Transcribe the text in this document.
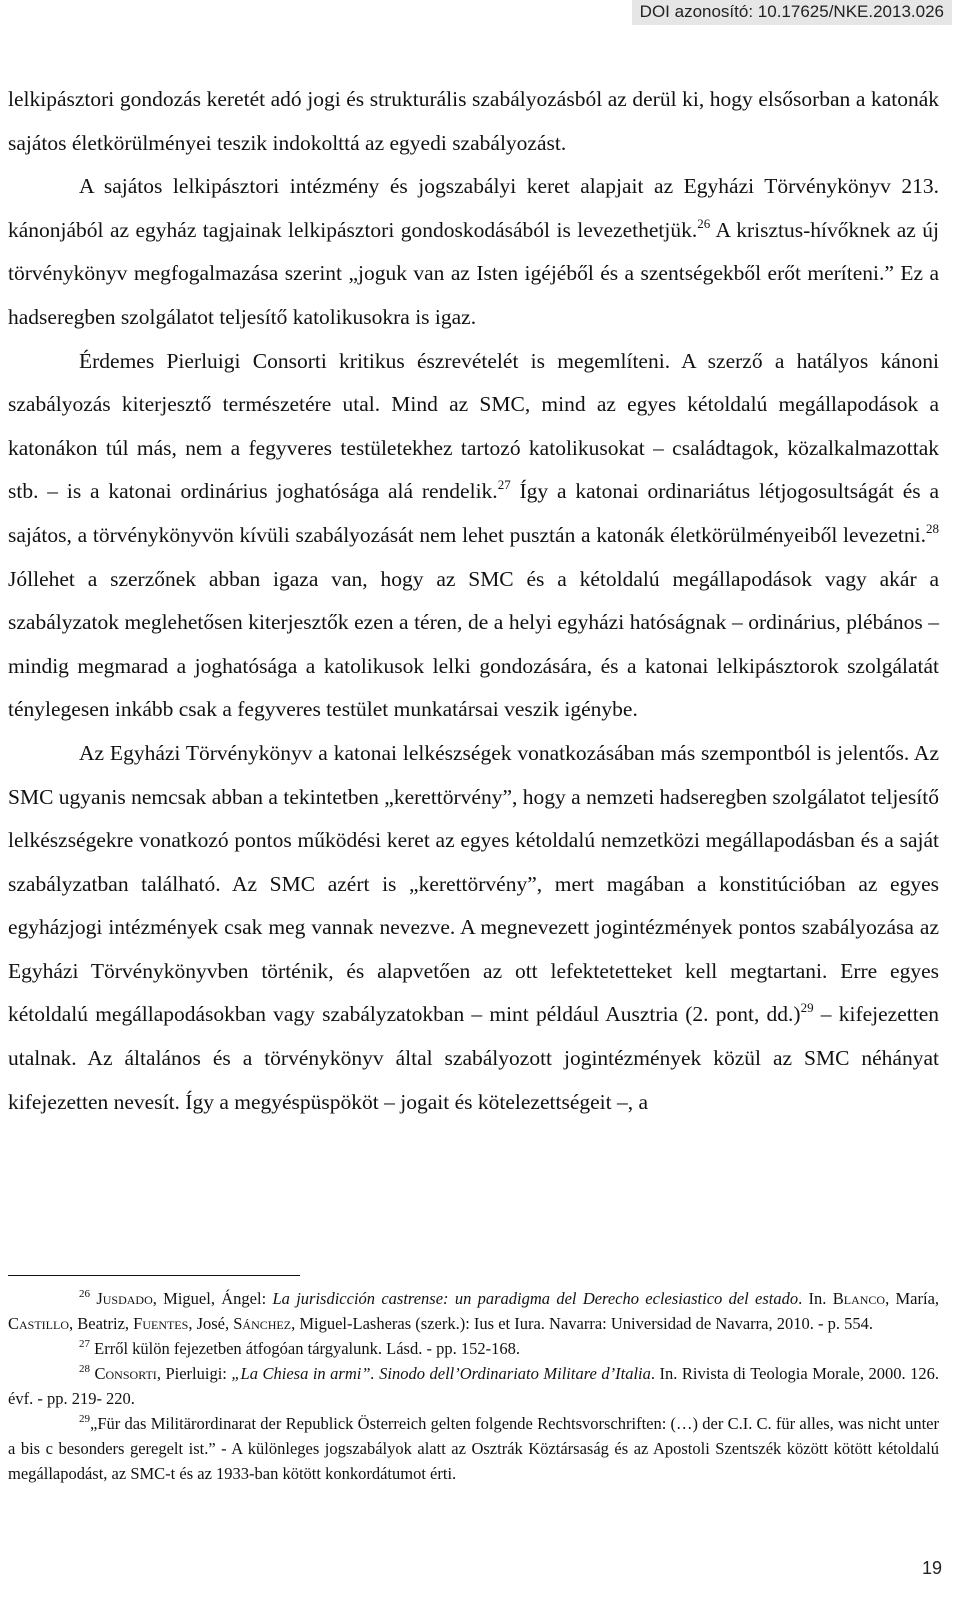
DOI azonosító: 10.17625/NKE.2013.026

lelkipásztori gondozás keretét adó jogi és strukturális szabályozásból az derül ki, hogy elsősorban a katonák sajátos életkörülményei teszik indokolttá az egyedi szabályozást.

A sajátos lelkipásztori intézmény és jogszabályi keret alapjait az Egyházi Törvénykönyv 213. kánonjából az egyház tagjainak lelkipásztori gondoskodásából is levezethetjük.$^{26}$ A krisztus-hívőknek az új törvénykönyv megfogalmazása szerint „joguk van az Isten igéjéből és a szentségekből erőt meríteni.” Ez a hadseregben szolgálatot teljesítő katolikusokra is igaz.

Érdemes Pierluigi Consorti kritikus észrevételét is megemlíteni. A szerző a hatályos kánoni szabályozás kiterjesztő természetére utal. Mind az SMC, mind az egyes kétoldalú megállapodások a katonákon túl más, nem a fegyveres testületekhez tartozó katolikusokat – családtagok, közalkalmazottak stb. – is a katonai ordinárius joghatósága alá rendelik.$^{27}$ Így a katonai ordinariátus létjogosultságát és a sajátos, a törvénykönyvön kívüli szabályozását nem lehet pusztán a katonák életkörülményeiből levezetni.$^{28}$ Jóllehet a szerzőnek abban igaza van, hogy az SMC és a kétoldalú megállapodások vagy akár a szabályzatok meglehetősen kiterjesztők ezen a téren, de a helyi egyházi hatóságnak – ordinárius, plébános – mindig megmarad a joghatósága a katolikusok lelki gondozására, és a katonai lelkipásztorok szolgálatát ténylegesen inkább csak a fegyveres testület munkatársai veszik igénybe.

Az Egyházi Törvénykönyv a katonai lelkészségek vonatkozásában más szempontból is jelentős. Az SMC ugyanis nemcsak abban a tekintetben „kerettörvény”, hogy a nemzeti hadseregben szolgálatot teljesítő lelkészségekre vonatkozó pontos működési keret az egyes kétoldalú nemzetközi megállapodásban és a saját szabályzatban található. Az SMC azért is „kerettörvény”, mert magában a konstitúcióban az egyes egyházjogi intézmények csak meg vannak nevezve. A megnevezett jogintézmények pontos szabályozása az Egyházi Törvénykönyvben történik, és alapvetően az ott lefektetetteket kell megtartani. Erre egyes kétoldalú megállapodásokban vagy szabályzatokban – mint például Ausztria (2. pont, dd.)$^{29}$ – kifejezetten utalnak. Az általános és a törvénykönyv által szabályozott jogintézmények közül az SMC néhányat kifejezetten nevesít. Így a megyéspüspököt – jogait és kötelezettségeit –, a

$^{26}$ Jusdado, Miguel, Ángel: La jurisdicción castrense: un paradigma del Derecho eclesiastico del estado. In. Blanco, María, Castillo, Beatriz, Fuentes, José, Sánchez, Miguel-Lasheras (szerk.): Ius et Iura. Navarra: Universidad de Navarra, 2010. - p. 554.

$^{27}$ Erről külön fejezetben átfogóan tárgyalunk. Lásd. - pp. 152-168.

$^{28}$ Consorti, Pierluigi: „La Chiesa in armi”. Sinodo dell’Ordinariato Militare d’Italia. In. Rivista di Teologia Morale, 2000. 126. évf. - pp. 219- 220.

$^{29}$„Für das Militärordinarat der Republick Österreich gelten folgende Rechtsvorschriften: (…) der C.I. C. für alles, was nicht unter a bis c besonders geregelt ist.” - A különleges jogszabályok alatt az Osztrák Köztársaság és az Apostoli Szentszék között kötött kétoldalú megállapodást, az SMC-t és az 1933-ban kötött konkordátumot érti.

19
